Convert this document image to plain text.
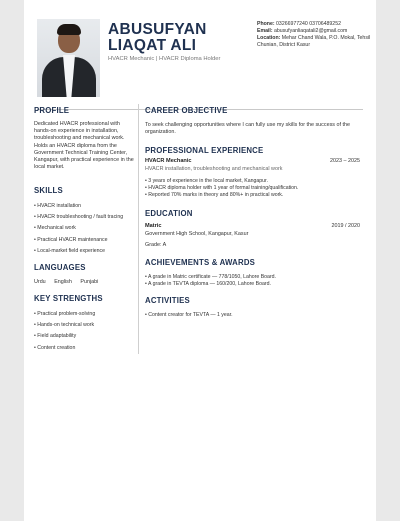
ABUSUFYAN LIAQAT ALI
HVACR Mechanic | HVACR Diploma Holder
Phone: 03266977240 03706489252
Email: abusufyanliaqatali2@gmail.com
Location: Mehar Chand Wala, P.O. Mokal, Tehsil Chunian, District Kasur
PROFILE
Dedicated HVACR professional with hands-on experience in installation, troubleshooting and mechanical work. Holds an HVACR diploma from the Government Technical Training Center, Kangapur, with practical experience in the local market.
SKILLS
• HVACR installation
• HVACR troubleshooting / fault tracing
• Mechanical work
• Practical HVACR maintenance
• Local-market field experience
LANGUAGES
Urdu English Punjabi
KEY STRENGTHS
• Practical problem-solving
• Hands-on technical work
• Field adaptability
• Content creation
CAREER OBJECTIVE
To seek challenging opportunities where I can fully use my skills for the success of the organization.
PROFESSIONAL EXPERIENCE
HVACR Mechanic	2023 – 2025
HVACR installation, troubleshooting and mechanical work
• 3 years of experience in the local market, Kangapur.
• HVACR diploma holder with 1 year of formal training/qualification.
• Reported 70% marks in theory and 80%+ in practical work.
EDUCATION
Matric	2019 / 2020
Government High School, Kangapur, Kasur
Grade: A
ACHIEVEMENTS & AWARDS
• A grade in Matric certificate — 778/1050, Lahore Board.
• A grade in TEVTA diploma — 160/200, Lahore Board.
ACTIVITIES
• Content creator for TEVTA — 1 year.
